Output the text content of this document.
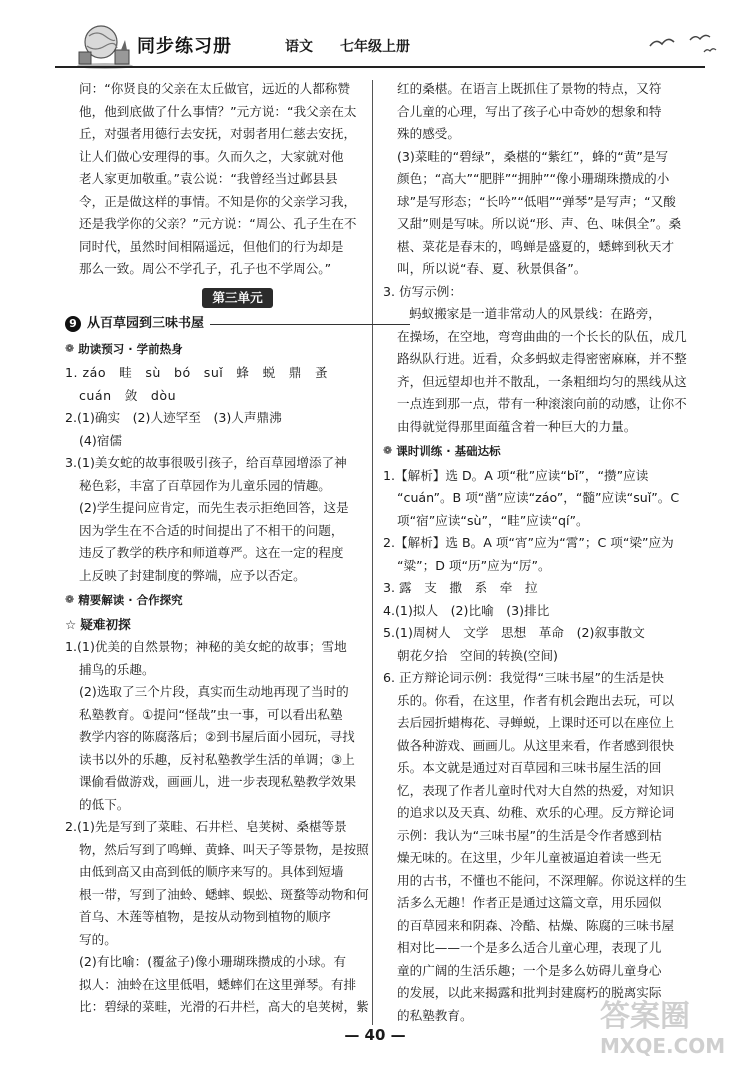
同步练习册	语文 七年级上册

问：“你贤良的父亲在太丘做官，远近的人都称赞

他，他到底做了什么事情？”元方说：“我父亲在太

丘，对强者用德行去安抚，对弱者用仁慈去安抚，

让人们做心安理得的事。久而久之，大家就对他

老人家更加敬重。”袁公说：“我曾经当过邺县县

令，正是做这样的事情。不知是你的父亲学习我，

还是我学你的父亲？”元方说：“周公、孔子生在不

同时代，虽然时间相隔遥远，但他们的行为却是

那么一致。周公不学孔子，孔子也不学周公。”

第三单元
9 从百草园到三味书屋
❁ 助读预习 · 学前热身

1. záo　畦　sù　bó　suǐ　蜂　蜕　鼎　蚤

cuán　敛　dòu

2.(1)确实　(2)人迹罕至　(3)人声鼎沸

(4)宿儒

3.(1)美女蛇的故事很吸引孩子，给百草园增添了神

秘色彩，丰富了百草园作为儿童乐园的情趣。

(2)学生提问应肯定，而先生表示拒绝回答，这是

因为学生在不合适的时间提出了不相干的问题，

违反了教学的秩序和师道尊严。这在一定的程度

上反映了封建制度的弊端，应予以否定。

❁ 精要解读 · 合作探究
☆ 疑难初探

1.(1)优美的自然景物；神秘的美女蛇的故事；雪地

捕鸟的乐趣。

(2)选取了三个片段，真实而生动地再现了当时的

私塾教育。①提问“怪哉”虫一事，可以看出私塾

教学内容的陈腐落后；②到书屋后面小园玩，寻找

读书以外的乐趣，反衬私塾教学生活的单调；③上

课偷看做游戏，画画儿，进一步表现私塾教学效果

的低下。

2.(1)先是写到了菜畦、石井栏、皂荚树、桑椹等景

物，然后写到了鸣蝉、黄蜂、叫天子等景物，是按照

由低到高又由高到低的顺序来写的。具体到短墙

根一带，写到了油蛉、蟋蟀、蜈蚣、斑蝥等动物和何

首乌、木莲等植物，是按从动物到植物的顺序

写的。

(2)有比喻：(覆盆子)像小珊瑚珠攒成的小球。有

拟人：油蛉在这里低唱，蟋蟀们在这里弹琴。有排

比：碧绿的菜畦，光滑的石井栏，高大的皂荚树，紫

红的桑椹。在语言上既抓住了景物的特点，又符

合儿童的心理，写出了孩子心中奇妙的想象和特

殊的感受。

(3)菜畦的“碧绿”，桑椹的“紫红”，蜂的“黄”是写

颜色；“高大”“肥胖”“拥肿”“像小珊瑚珠攒成的小

球”是写形态；“长吟”“低唱”“弹琴”是写声；“又酸

又甜”则是写味。所以说“形、声、色、味俱全”。桑

椹、菜花是春末的，鸣蝉是盛夏的，蟋蟀到秋天才

叫，所以说“春、夏、秋景俱备”。

3. 仿写示例：

蚂蚁搬家是一道非常动人的风景线：在路旁，

在操场，在空地，弯弯曲曲的一个长长的队伍，成几

路纵队行进。近看，众多蚂蚁走得密密麻麻，并不整

齐，但远望却也并不散乱，一条粗细均匀的黑线从这

一点连到那一点，带有一种滚滚向前的动感，让你不

由得就觉得那里面蕴含着一种巨大的力量。

❁ 课时训练 · 基础达标

1.【解析】选 D。A 项“秕”应读“bǐ”，“攒”应读

“cuán”。B 项“凿”应读“záo”，“髓”应读“suǐ”。C

项“宿”应读“sù”，“畦”应读“qí”。

2.【解析】选 B。A 项“宵”应为“霄”；C 项“梁”应为

“粱”；D 项“历”应为“厉”。

3. 露　支　撒　系　牵　拉

4.(1)拟人　(2)比喻　(3)排比

5.(1)周树人　文学　思想　革命　(2)叙事散文

朝花夕拾　空间的转换(空间)

6. 正方辩论词示例：我觉得“三味书屋”的生活是快

乐的。你看，在这里，作者有机会跑出去玩，可以

去后园折蜡梅花、寻蝉蜕，上课时还可以在座位上

做各种游戏、画画儿。从这里来看，作者感到很快

乐。本文就是通过对百草园和三味书屋生活的回

忆，表现了作者儿童时代对大自然的热爱，对知识

的追求以及天真、幼稚、欢乐的心理。反方辩论词

示例：我认为“三味书屋”的生活是令作者感到枯

燥无味的。在这里，少年儿童被逼迫着读一些无

用的古书，不懂也不能问，不深理解。你说这样的生

活多么无趣！作者正是通过这篇文章，用乐园似

的百草园来和阴森、冷酷、枯燥、陈腐的三味书屋

相对比——一个是多么适合儿童心理，表现了儿

童的广阔的生活乐趣；一个是多么妨碍儿童身心

的发展，以此来揭露和批判封建腐朽的脱离实际

的私塾教育。

— 40 —
答案圈
MXQE.COM
